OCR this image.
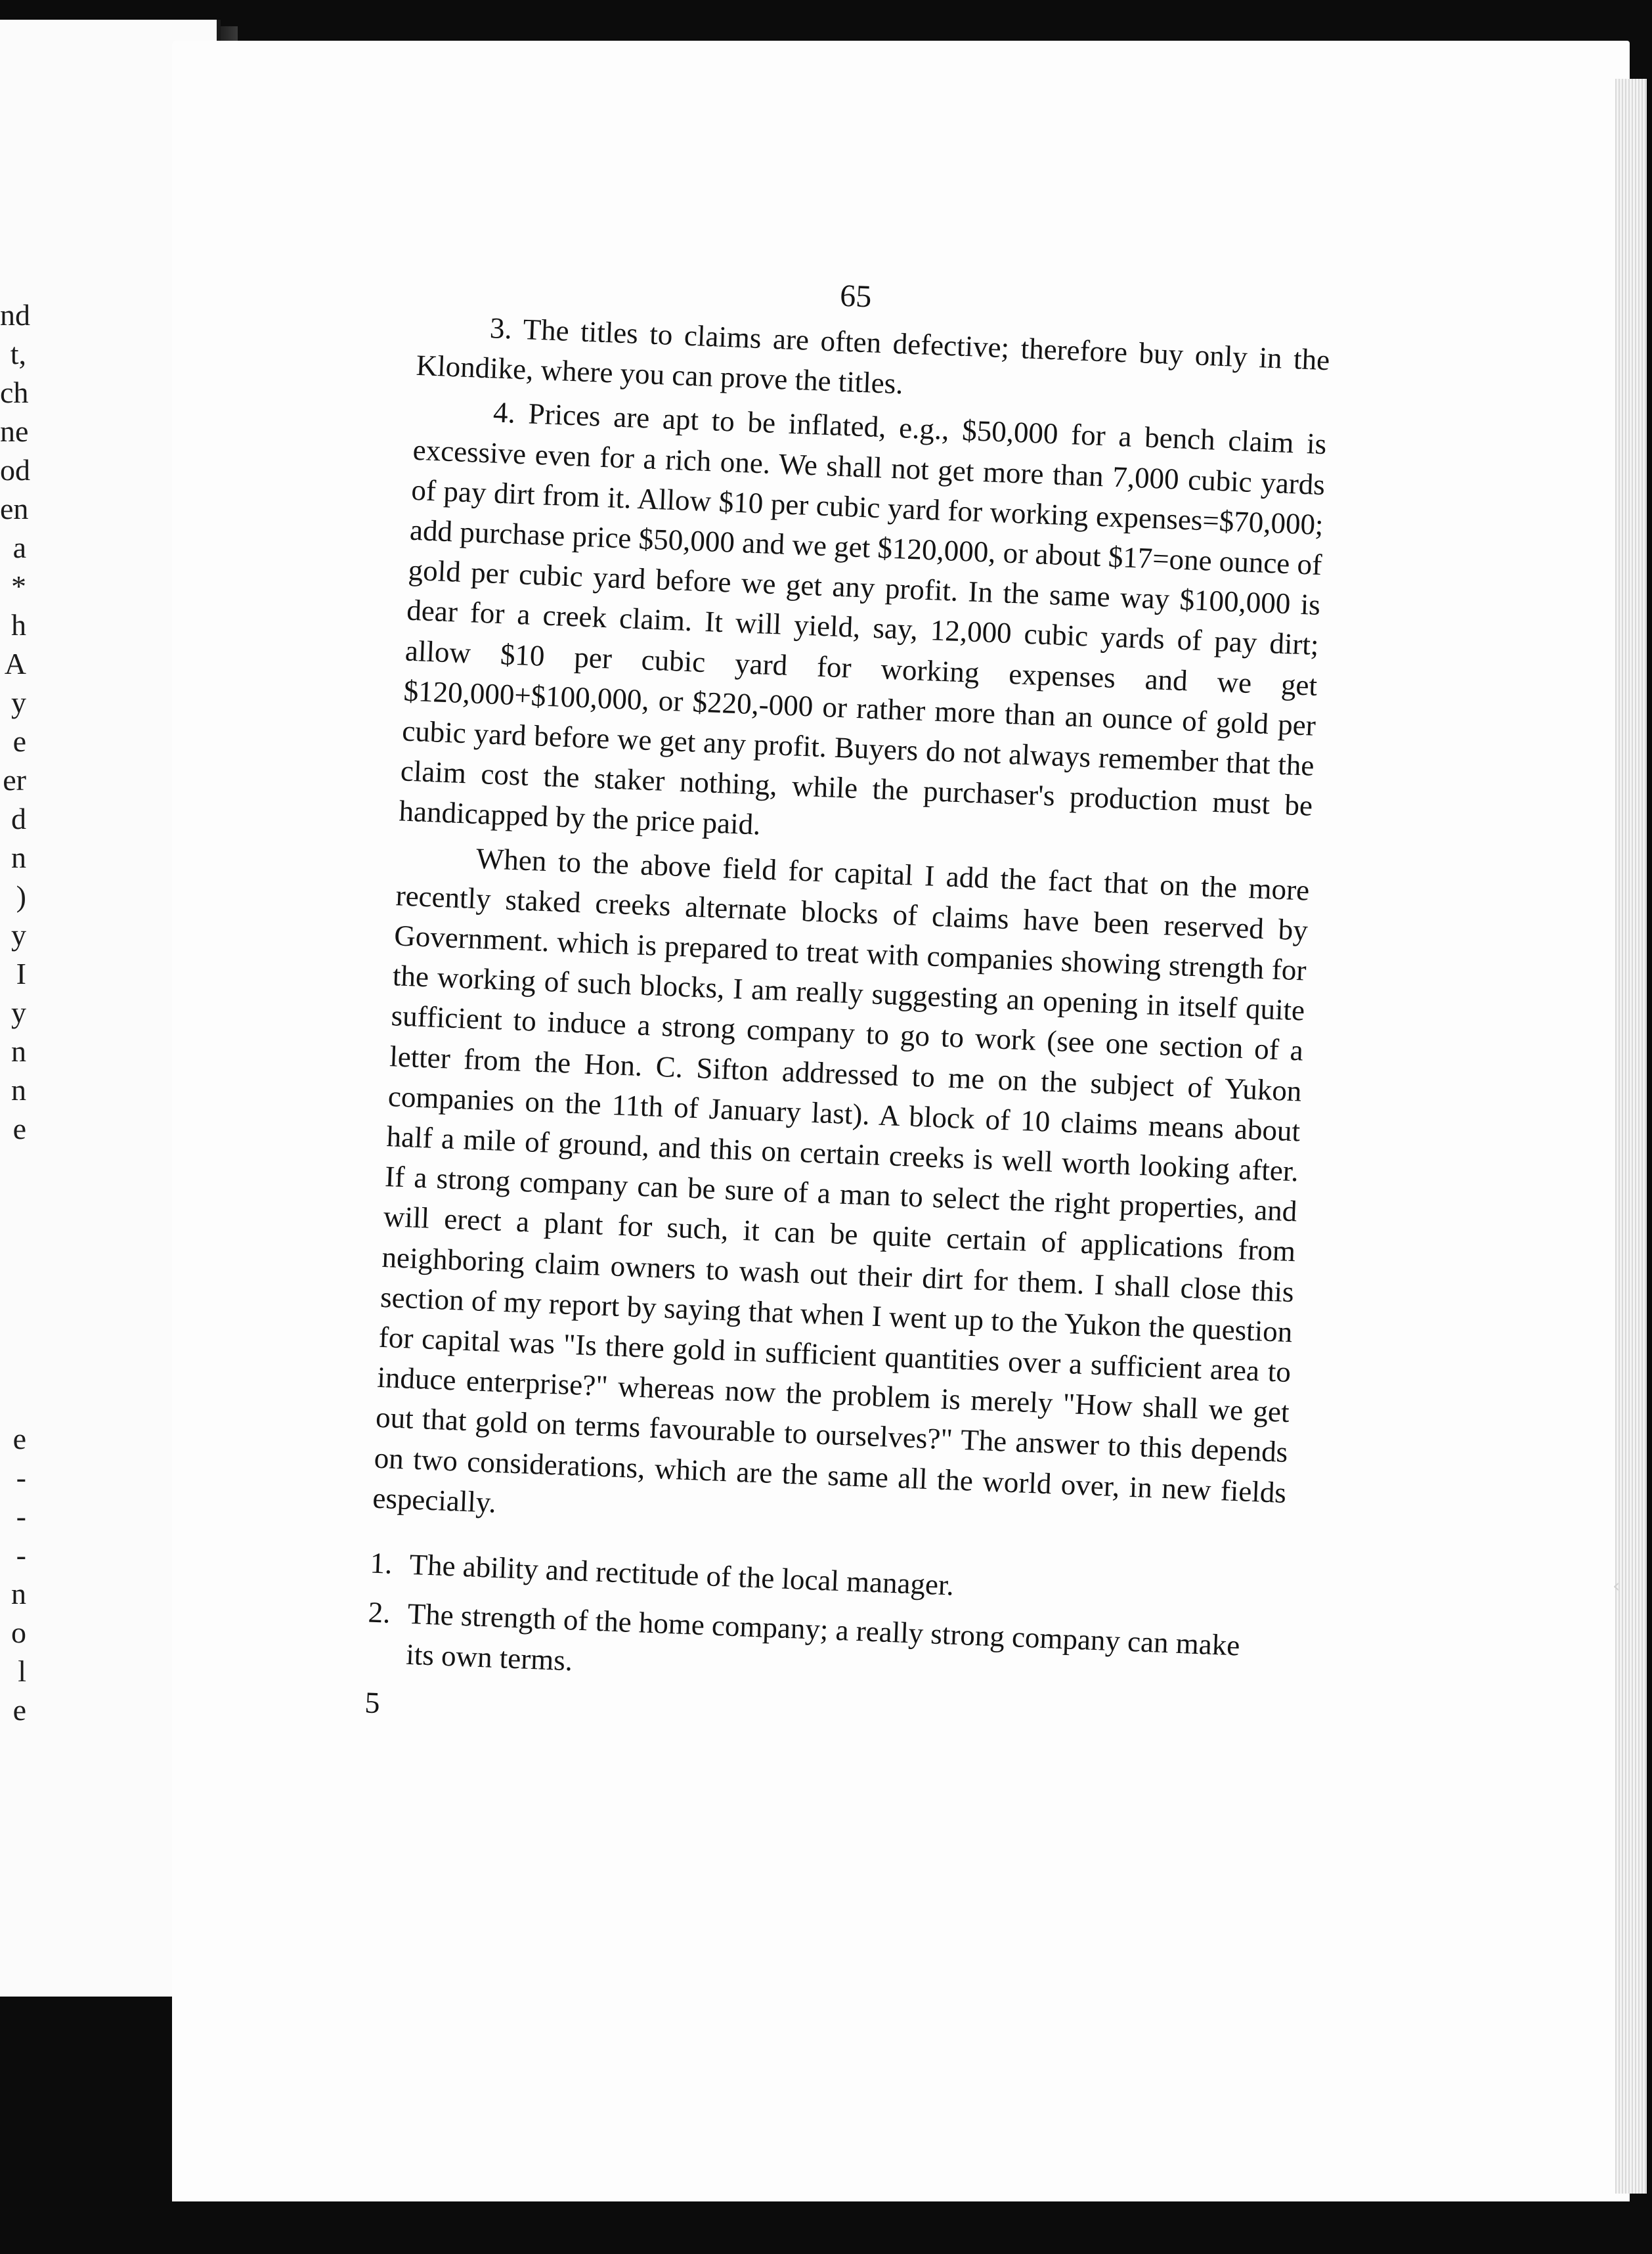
nd
t,
ch
ne
od
en
a
*
h
A
y
e
er
d
n
)
y
I
y
n
n
e
e
-
-
-
n
o
l
e
65

3. The titles to claims are often defective; therefore buy only in the Klondike, where you can prove the titles.

4. Prices are apt to be inflated, e.g., $50,000 for a bench claim is excessive even for a rich one. We shall not get more than 7,000 cubic yards of pay dirt from it. Allow $10 per cubic yard for working expenses=$70,000; add purchase price $50,000 and we get $120,000, or about $17=one ounce of gold per cubic yard before we get any profit. In the same way $100,000 is dear for a creek claim. It will yield, say, 12,000 cubic yards of pay dirt; allow $10 per cubic yard for working expenses and we get $120,000+$100,000, or $220,-000 or rather more than an ounce of gold per cubic yard before we get any profit. Buyers do not always remember that the claim cost the staker nothing, while the purchaser's production must be handicapped by the price paid.

When to the above field for capital I add the fact that on the more recently staked creeks alternate blocks of claims have been reserved by Government. which is prepared to treat with companies showing strength for the working of such blocks, I am really suggesting an opening in itself quite sufficient to induce a strong company to go to work (see one section of a letter from the Hon. C. Sifton addressed to me on the subject of Yukon companies on the 11th of January last). A block of 10 claims means about half a mile of ground, and this on certain creeks is well worth looking after. If a strong company can be sure of a man to select the right properties, and will erect a plant for such, it can be quite certain of applications from neighboring claim owners to wash out their dirt for them. I shall close this section of my report by saying that when I went up to the Yukon the question for capital was "Is there gold in sufficient quantities over a sufficient area to induce enterprise?" whereas now the problem is merely "How shall we get out that gold on terms favourable to ourselves?" The answer to this depends on two considerations, which are the same all the world over, in new fields especially.

1. The ability and rectitude of the local manager.
2. The strength of the home company; a really strong company can make its own terms.
5
‹
